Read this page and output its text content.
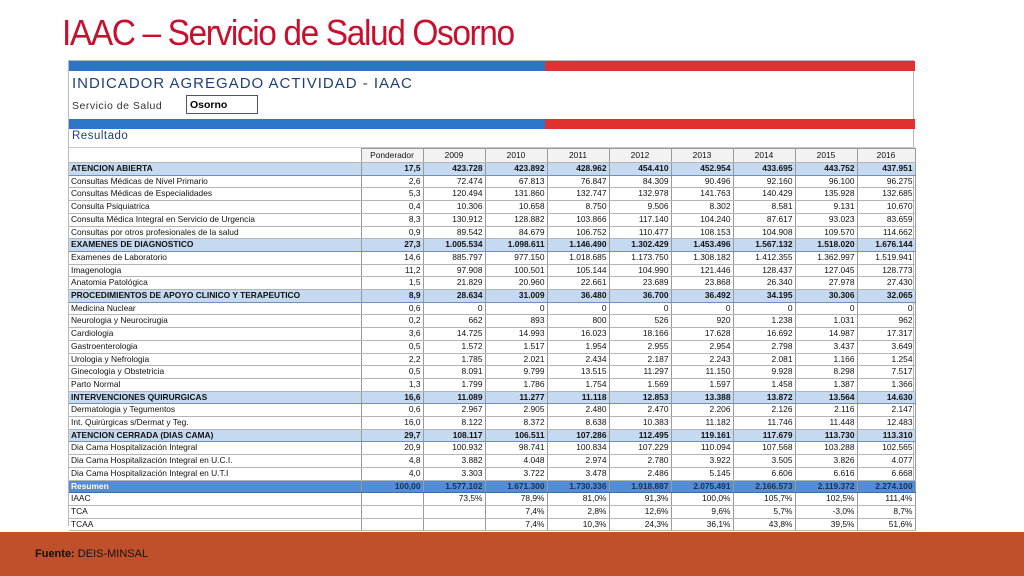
IAAC – Servicio de Salud Osorno
INDICADOR AGREGADO ACTIVIDAD - IAAC
Servicio de Salud	Osorno
Resultado
	Ponderador	2009	2010	2011	2012	2013	2014	2015	2016
ATENCION ABIERTA	17,5	423.728	423.892	428.962	454.410	452.954	433.695	443.752	437.951
Consultas Médicas de Nivel Primario	2,6	72.474	67.813	76.847	84.309	90.496	92.160	96.100	96.275
Consultas Médicas de Especialidades	5,3	120.494	131.860	132.747	132.978	141.763	140.429	135.928	132.685
Consulta Psiquiatrica	0,4	10.306	10.658	8.750	9.506	8.302	8.581	9.131	10.670
Consulta Médica Integral en Servicio de Urgencia	8,3	130.912	128.882	103.866	117.140	104.240	87.617	93.023	83.659
Consultas por otros profesionales de la salud	0,9	89.542	84.679	106.752	110.477	108.153	104.908	109.570	114.662
EXAMENES DE DIAGNOSTICO	27,3	1.005.534	1.098.611	1.146.490	1.302.429	1.453.496	1.567.132	1.518.020	1.676.144
Examenes de Laboratorio	14,6	885.797	977.150	1.018.685	1.173.750	1.308.182	1.412.355	1.362.997	1.519.941
Imagenologia	11,2	97.908	100.501	105.144	104.990	121.446	128.437	127.045	128.773
Anatomia Patológica	1,5	21.829	20.960	22.661	23.689	23.868	26.340	27.978	27.430
PROCEDIMIENTOS DE APOYO CLINICO Y TERAPEUTICO	8,9	28.634	31.009	36.480	36.700	36.492	34.195	30.306	32.065
Medicina Nuclear	0,6	0	0	0	0	0	0	0	0
Neurologia y Neurocirugia	0,2	662	893	800	526	920	1.238	1.031	962
Cardiologia	3,6	14.725	14.993	16.023	18.166	17.628	16.692	14.987	17.317
Gastroenterologia	0,5	1.572	1.517	1.954	2.955	2.954	2.798	3.437	3.649
Urologia y Nefrologia	2,2	1.785	2.021	2.434	2.187	2.243	2.081	1.166	1.254
Ginecologia y Obstetricia	0,5	8.091	9.799	13.515	11.297	11.150	9.928	8.298	7.517
Parto Normal	1,3	1.799	1.786	1.754	1.569	1.597	1.458	1.387	1.366
INTERVENCIONES QUIRURGICAS	16,6	11.089	11.277	11.118	12.853	13.388	13.872	13.564	14.630
Dermatologia y Tegumentos	0,6	2.967	2.905	2.480	2.470	2.206	2.126	2.116	2.147
Int. Quirúrgicas s/Dermat y Teg.	16,0	8.122	8.372	8.638	10.383	11.182	11.746	11.448	12.483
ATENCION CERRADA (DIAS CAMA)	29,7	108.117	106.511	107.286	112.495	119.161	117.679	113.730	113.310
Dia Cama Hospitalización Integral	20,9	100.932	98.741	100.834	107.229	110.094	107.568	103.288	102.565
Dia Cama Hospitalización Integral en U.C.I.	4,8	3.882	4.048	2.974	2.780	3.922	3.505	3.826	4.077
Dia Cama Hospitalización Integral en U.T.I	4,0	3.303	3.722	3.478	2.486	5.145	6.606	6.616	6.668
Resumen	100,00	1.577.102	1.671.300	1.730.336	1.918.887	2.075.491	2.166.573	2.119.372	2.274.100
IAAC		73,5%	78,9%	81,0%	91,3%	100,0%	105,7%	102,5%	111,4%
TCA			7,4%	2,8%	12,6%	9,6%	5,7%	-3,0%	8,7%
TCAA			7,4%	10,3%	24,3%	36,1%	43,8%	39,5%	51,6%
Fuente: DEIS-MINSAL
